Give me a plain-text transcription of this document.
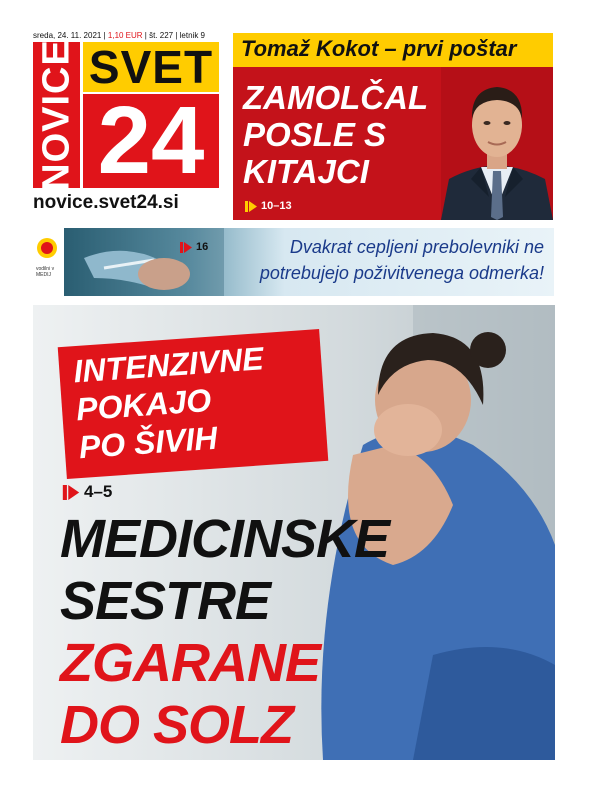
sreda, 24. 11. 2021 | 1,10 EUR | št. 227 | letnik 9
NOVICE SVET
24
novice.svet24.si
Tomaž Kokot – prvi poštar
ZAMOLČAL
POSLE S
KITAJCI
10–13
vodilni v MEDIJ
16	Dvakrat cepljeni prebolevniki ne
potrebujejo poživitvenega odmerka!
INTENZIVNE
POKAJO
PO ŠIVIH
4–5
MEDICINSKE
SESTRE
ZGARANE
DO SOLZ
